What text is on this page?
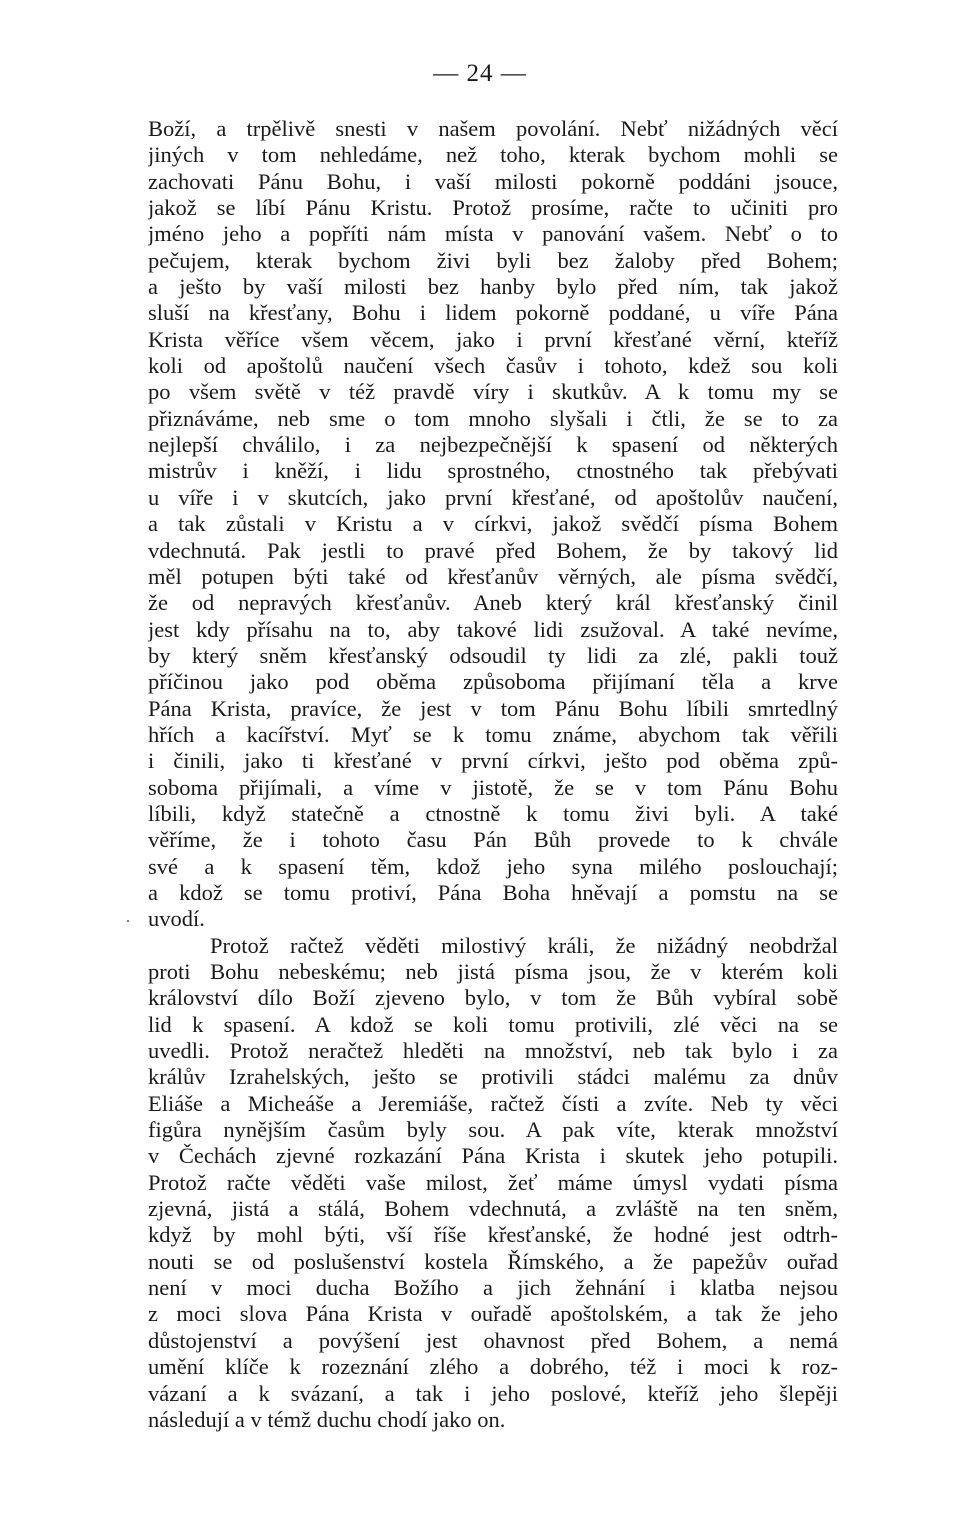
— 24 —
Boží, a trpělivě snesti v našem povolání. Nebť nižádných věcí
jiných v tom nehledáme, než toho, kterak bychom mohli se
zachovati Pánu Bohu, i vaší milosti pokorně poddáni jsouce,
jakož se líbí Pánu Kristu. Protož prosíme, račte to učiniti pro
jméno jeho a popříti nám místa v panování vašem. Nebť o to
pečujem, kterak bychom živi byli bez žaloby před Bohem;
a ješto by vaší milosti bez hanby bylo před ním, tak jakož
sluší na křesťany, Bohu i lidem pokorně poddané, u víře Pána
Krista věříce všem věcem, jako i první křesťané věrní, kteříž
koli od apoštolů naučení všech časův i tohoto, kdež sou koli
po všem světě v též pravdě víry i skutkův. A k tomu my se
přiznáváme, neb sme o tom mnoho slyšali i čtli, že se to za
nejlepší chválilo, i za nejbezpečnější k spasení od některých
mistrův i kněží, i lidu sprostného, ctnostného tak přebývati
u víře i v skutcích, jako první křesťané, od apoštolův naučení,
a tak zůstali v Kristu a v církvi, jakož svědčí písma Bohem
vdechnutá. Pak jestli to pravé před Bohem, že by takový lid
měl potupen býti také od křesťanův věrných, ale písma svědčí,
že od nepravých křesťanův. Aneb který král křesťanský činil
jest kdy přísahu na to, aby takové lidi zsužoval. A také nevíme,
by který sněm křesťanský odsoudil ty lidi za zlé, pakli touž
příčinou jako pod oběma způsoboma přijímaní těla a krve
Pána Krista, pravíce, že jest v tom Pánu Bohu líbili smrtedlný
hřích a kacířství. Myť se k tomu známe, abychom tak věřili
i činili, jako ti křesťané v první církvi, ješto pod oběma způ-
soboma přijímali, a víme v jistotě, že se v tom Pánu Bohu
líbili, když statečně a ctnostně k tomu živi byli. A také
věříme, že i tohoto času Pán Bůh provede to k chvále
své a k spasení těm, kdož jeho syna milého poslouchají;
a kdož se tomu protiví, Pána Boha hněvají a pomstu na se
uvodí.
Protož račtež věděti milostivý králi, že nižádný neobdržal
proti Bohu nebeskému; neb jistá písma jsou, že v kterém koli
království dílo Boží zjeveno bylo, v tom že Bůh vybíral sobě
lid k spasení. A kdož se koli tomu protivili, zlé věci na se
uvedli. Protož neračtež hleděti na množství, neb tak bylo i za
králův Izrahelských, ješto se protivili stádci malému za dnův
Eliáše a Micheáše a Jeremiáše, račtež čísti a zvíte. Neb ty věci
figůra nynějším časům byly sou. A pak víte, kterak množství
v Čechách zjevné rozkazání Pána Krista i skutek jeho potupili.
Protož račte věděti vaše milost, žeť máme úmysl vydati písma
zjevná, jistá a stálá, Bohem vdechnutá, a zvláště na ten sněm,
když by mohl býti, vší říše křesťanské, že hodné jest odtrh-
nouti se od poslušenství kostela Římského, a že papežův ouřad
není v moci ducha Božího a jich žehnání i klatba nejsou
z moci slova Pána Krista v ouřadě apoštolském, a tak že jeho
důstojenství a povýšení jest ohavnost před Bohem, a nemá
umění klíče k rozeznání zlého a dobrého, též i moci k roz-
vázaní a k svázaní, a tak i jeho poslové, kteříž jeho šlepěji
následují a v témž duchu chodí jako on.
